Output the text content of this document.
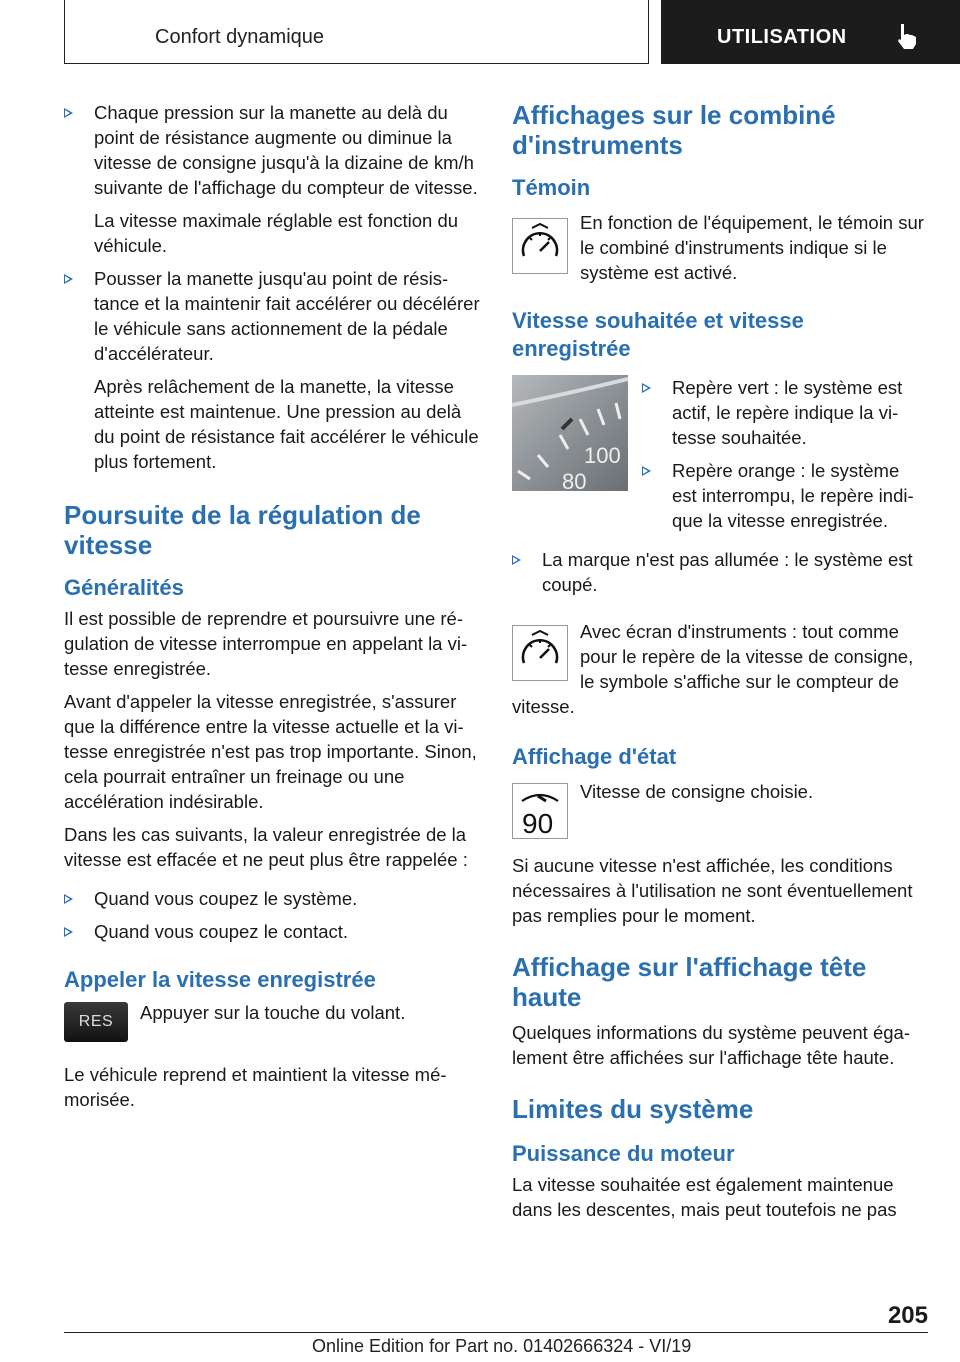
Confort dynamique	UTILISATION

Chaque pression sur la manette au delà du point de résistance augmente ou diminue la vitesse de consigne jusqu'à la dizaine de km/h suivante de l'affichage du compteur de vitesse.

La vitesse maximale réglable est fonction du véhicule.

Pousser la manette jusqu'au point de résistance et la maintenir fait accélérer ou décélérer le véhicule sans actionnement de la pédale d'accélérateur.

Après relâchement de la manette, la vitesse atteinte est maintenue. Une pression au delà du point de résistance fait accélérer le véhicule plus fortement.

Poursuite de la régulation de vitesse
Généralités

Il est possible de reprendre et poursuivre une régulation de vitesse interrompue en appelant la vitesse enregistrée.

Avant d'appeler la vitesse enregistrée, s'assurer que la différence entre la vitesse actuelle et la vitesse enregistrée n'est pas trop importante. Sinon, cela pourrait entraîner un freinage ou une accélération indésirable.

Dans les cas suivants, la valeur enregistrée de la vitesse est effacée et ne peut plus être rappelée :

Quand vous coupez le système.

Quand vous coupez le contact.

Appeler la vitesse enregistrée
RES	Appuyer sur la touche du volant.

Le véhicule reprend et maintient la vitesse mémorisée.

Affichages sur le combiné d'instruments
Témoin

En fonction de l'équipement, le témoin sur le combiné d'instruments indique si le système est activé.

Vitesse souhaitée et vitesse enregistrée
100
80

Repère vert : le système est actif, le repère indique la vitesse souhaitée.

Repère orange : le système est interrompu, le repère indique la vitesse enregistrée.

La marque n'est pas allumée : le système est coupé.

Avec écran d'instruments : tout comme pour le repère de la vitesse de consigne, le symbole s'affiche sur le compteur de vitesse.

Affichage d'état
90

Vitesse de consigne choisie.

Si aucune vitesse n'est affichée, les conditions nécessaires à l'utilisation ne sont éventuellement pas remplies pour le moment.

Affichage sur l'affichage tête haute

Quelques informations du système peuvent également être affichées sur l'affichage tête haute.

Limites du système
Puissance du moteur

La vitesse souhaitée est également maintenue dans les descentes, mais peut toutefois ne pas

205
Online Edition for Part no. 01402666324 - VI/19
